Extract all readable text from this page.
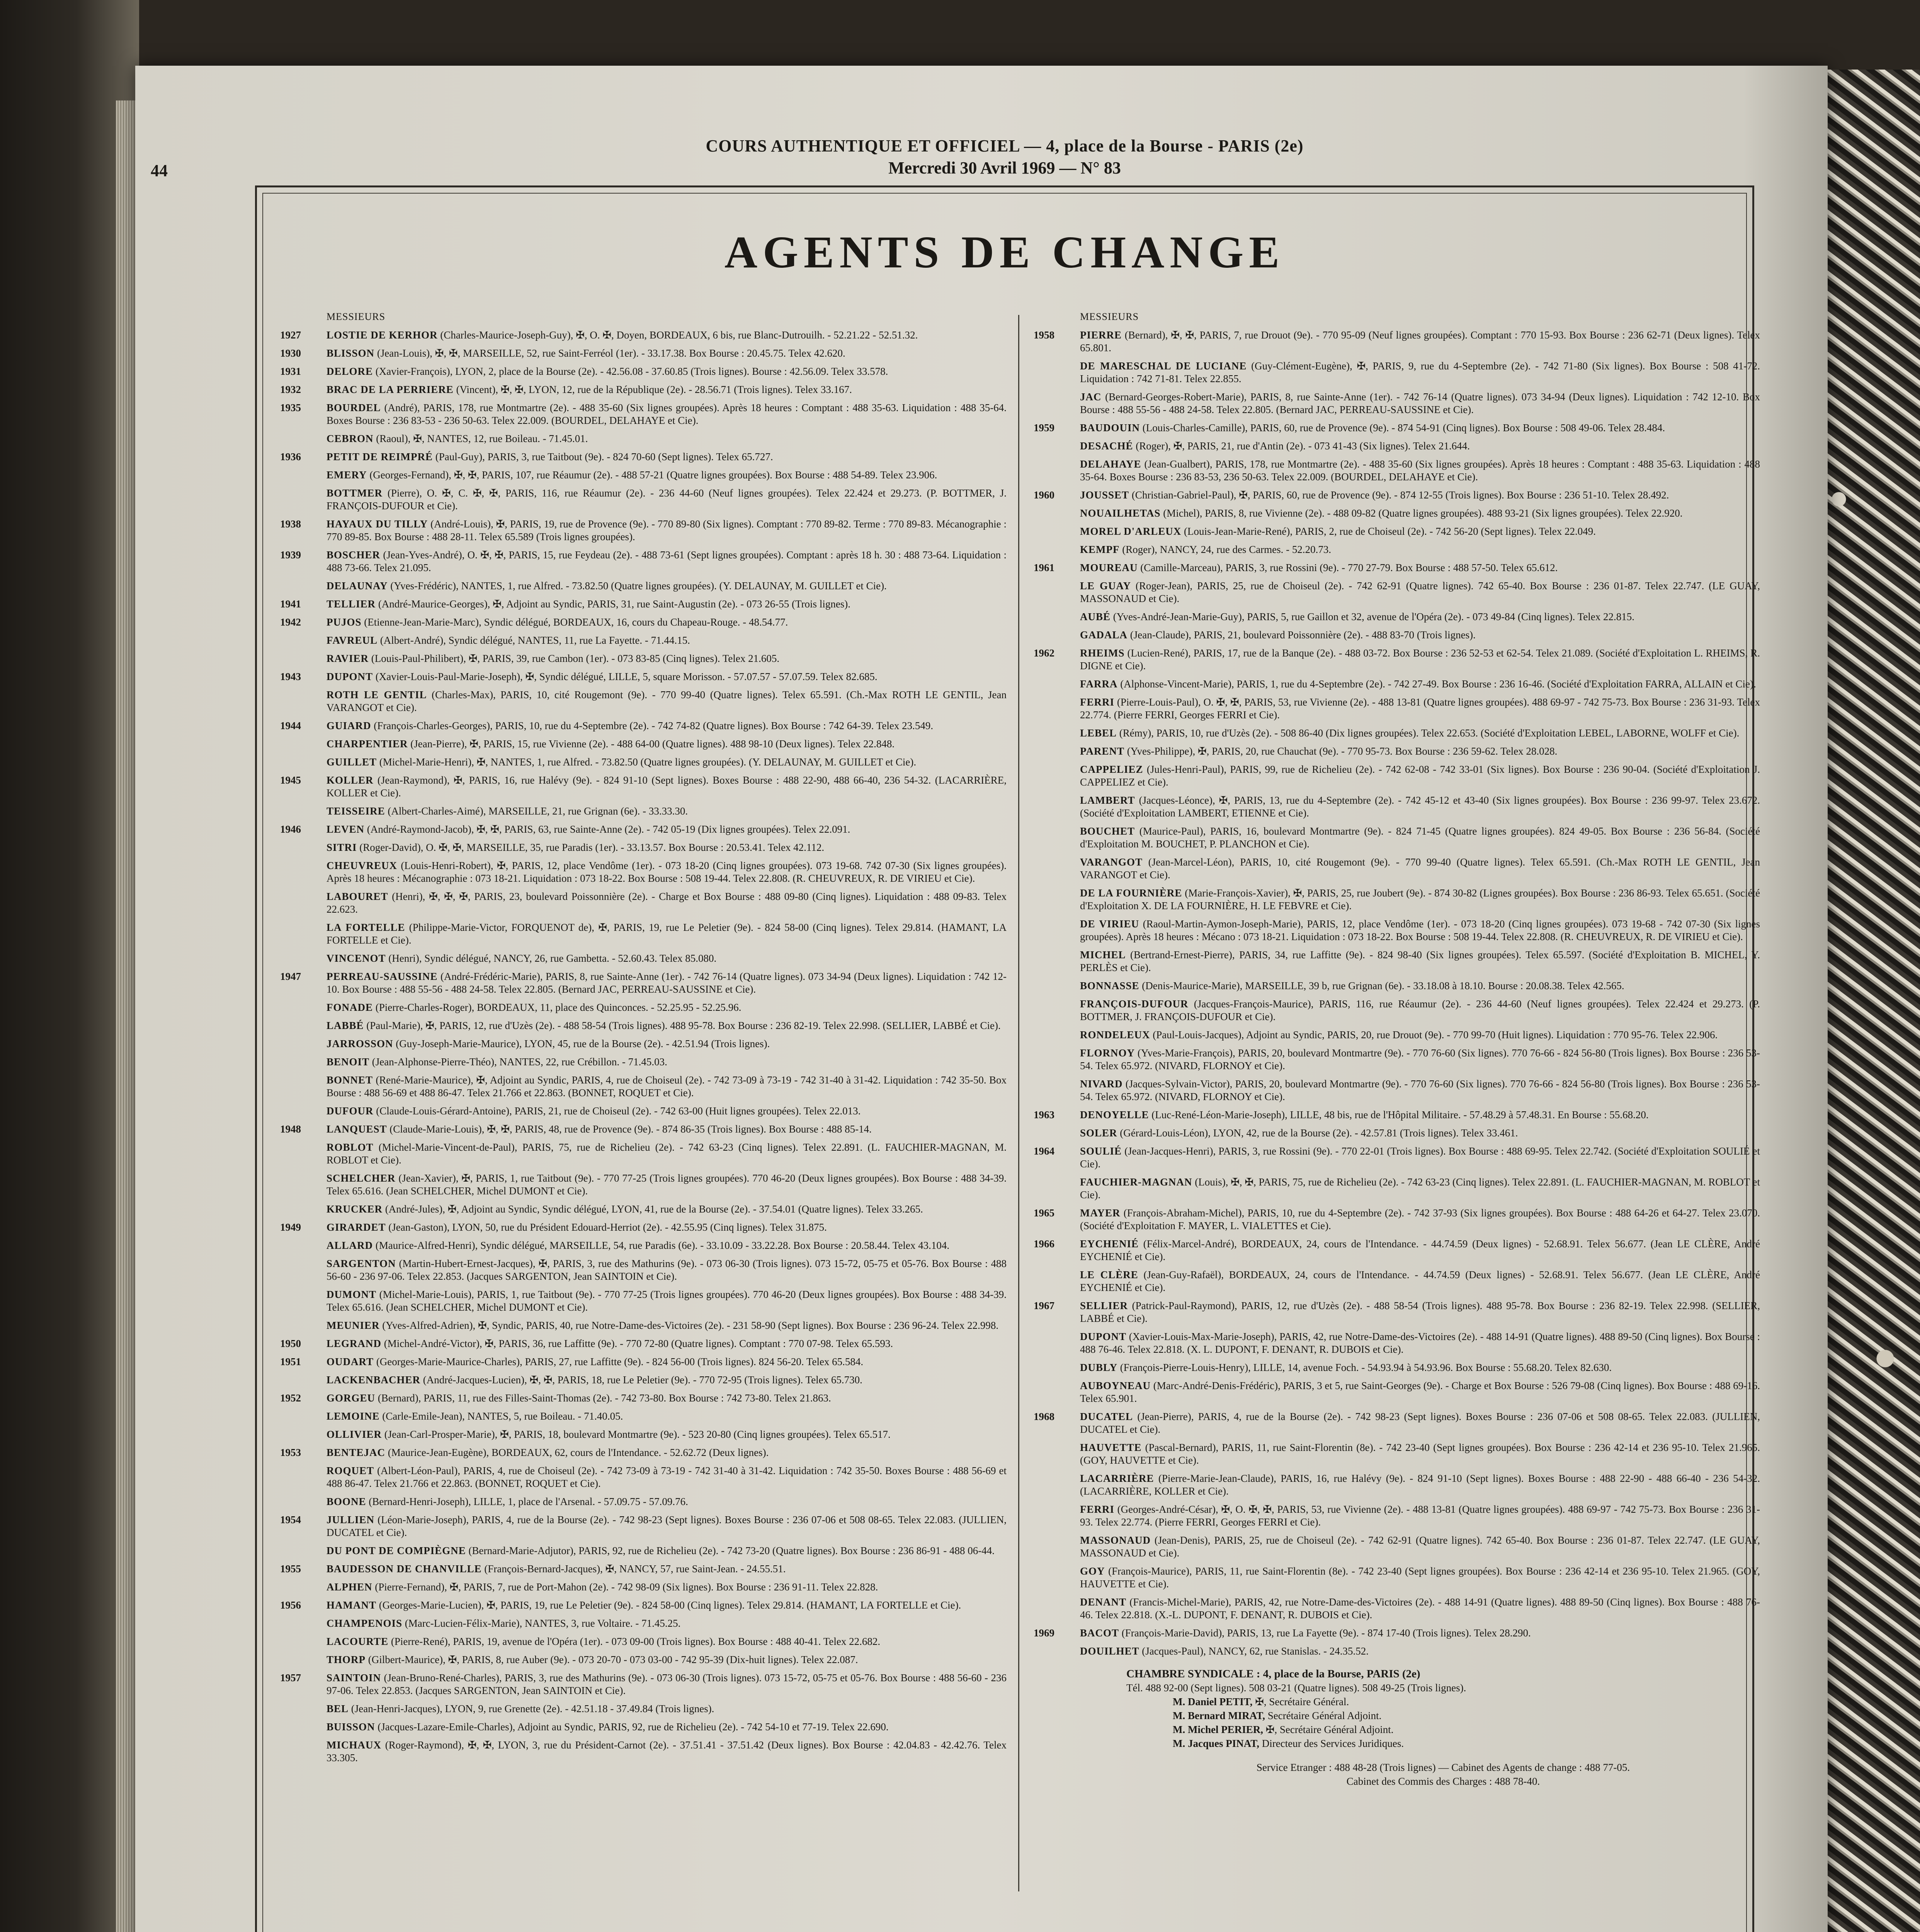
44
COURS AUTHENTIQUE ET OFFICIEL — 4, place de la Bourse - PARIS (2e)
Mercredi 30 Avril 1969 — N° 83
AGENTS DE CHANGE
MESSIEURS
1927 LOSTIE DE KERHOR (Charles-Maurice-Joseph-Guy), ✠, O. ✠, Doyen, BORDEAUX, 6 bis, rue Blanc-Dutrouilh. - 52.21.22 - 52.51.32.
1930 BLISSON (Jean-Louis), ✠, ✠, MARSEILLE, 52, rue Saint-Ferréol (1er). - 33.17.38. Box Bourse : 20.45.75. Telex 42.620.
1931 DELORE (Xavier-François), LYON, 2, place de la Bourse (2e). - 42.56.08 - 37.60.85 (Trois lignes). Bourse : 42.56.09. Telex 33.578.
1932 BRAC DE LA PERRIERE (Vincent), ✠, ✠, LYON, 12, rue de la République (2e). - 28.56.71 (Trois lignes). Telex 33.167.
1935 BOURDEL (André), PARIS, 178, rue Montmartre (2e). - 488 35-60 (Six lignes groupées). Après 18 heures : Comptant : 488 35-63. Liquidation : 488 35-64. Boxes Bourse : 236 83-53 - 236 50-63. Telex 22.009. (BOURDEL, DELAHAYE et Cie).
CEBRON (Raoul), ✠, NANTES, 12, rue Boileau. - 71.45.01.
1936 PETIT DE REIMPRÉ (Paul-Guy), PARIS, 3, rue Taitbout (9e). - 824 70-60 (Sept lignes). Telex 65.727.
EMERY (Georges-Fernand), ✠, ✠, PARIS, 107, rue Réaumur (2e). - 488 57-21 (Quatre lignes groupées). Box Bourse : 488 54-89. Telex 23.906.
BOTTMER (Pierre), O. ✠, C. ✠, ✠, PARIS, 116, rue Réaumur (2e). - 236 44-60 (Neuf lignes groupées). Telex 22.424 et 29.273. (P. BOTTMER, J. FRANÇOIS-DUFOUR et Cie).
1938 HAYAUX DU TILLY (André-Louis), ✠, PARIS, 19, rue de Provence (9e). - 770 89-80 (Six lignes). Comptant : 770 89-82. Terme : 770 89-83. Mécanographie : 770 89-85. Box Bourse : 488 28-11. Telex 65.589 (Trois lignes groupées).
1939 BOSCHER (Jean-Yves-André), O. ✠, ✠, PARIS, 15, rue Feydeau (2e). - 488 73-61 (Sept lignes groupées). Comptant : après 18 h. 30 : 488 73-64. Liquidation : 488 73-66. Telex 21.095.
DELAUNAY (Yves-Frédéric), NANTES, 1, rue Alfred. - 73.82.50 (Quatre lignes groupées). (Y. DELAUNAY, M. GUILLET et Cie).
1941 TELLIER (André-Maurice-Georges), ✠, Adjoint au Syndic, PARIS, 31, rue Saint-Augustin (2e). - 073 26-55 (Trois lignes).
1942 PUJOS (Etienne-Jean-Marie-Marc), Syndic délégué, BORDEAUX, 16, cours du Chapeau-Rouge. - 48.54.77.
FAVREUL (Albert-André), Syndic délégué, NANTES, 11, rue La Fayette. - 71.44.15.
RAVIER (Louis-Paul-Philibert), ✠, PARIS, 39, rue Cambon (1er). - 073 83-85 (Cinq lignes). Telex 21.605.
1943 DUPONT (Xavier-Louis-Paul-Marie-Joseph), ✠, Syndic délégué, LILLE, 5, square Morisson. - 57.07.57 - 57.07.59. Telex 82.685.
ROTH LE GENTIL (Charles-Max), PARIS, 10, cité Rougemont (9e). - 770 99-40 (Quatre lignes). Telex 65.591. (Ch.-Max ROTH LE GENTIL, Jean VARANGOT et Cie).
1944 GUIARD (François-Charles-Georges), PARIS, 10, rue du 4-Septembre (2e). - 742 74-82 (Quatre lignes). Box Bourse : 742 64-39. Telex 23.549.
CHARPENTIER (Jean-Pierre), ✠, PARIS, 15, rue Vivienne (2e). - 488 64-00 (Quatre lignes). 488 98-10 (Deux lignes). Telex 22.848.
GUILLET (Michel-Marie-Henri), ✠, NANTES, 1, rue Alfred. - 73.82.50 (Quatre lignes groupées). (Y. DELAUNAY, M. GUILLET et Cie).
1945 KOLLER (Jean-Raymond), ✠, PARIS, 16, rue Halévy (9e). - 824 91-10 (Sept lignes). Boxes Bourse : 488 22-90, 488 66-40, 236 54-32. (LACARRIÈRE, KOLLER et Cie).
TEISSEIRE (Albert-Charles-Aimé), MARSEILLE, 21, rue Grignan (6e). - 33.33.30.
1946 LEVEN (André-Raymond-Jacob), ✠, ✠, PARIS, 63, rue Sainte-Anne (2e). - 742 05-19 (Dix lignes groupées). Telex 22.091.
SITRI (Roger-David), O. ✠, ✠, MARSEILLE, 35, rue Paradis (1er). - 33.13.57. Box Bourse : 20.53.41. Telex 42.112.
CHEUVREUX (Louis-Henri-Robert), ✠, PARIS, 12, place Vendôme (1er). - 073 18-20 (Cinq lignes groupées). 073 19-68. 742 07-30 (Six lignes groupées). Après 18 heures : Mécanographie : 073 18-21. Liquidation : 073 18-22. Box Bourse : 508 19-44. Telex 22.808. (R. CHEUVREUX, R. DE VIRIEU et Cie).
LABOURET (Henri), ✠, ✠, ✠, PARIS, 23, boulevard Poissonnière (2e). - Charge et Box Bourse : 488 09-80 (Cinq lignes). Liquidation : 488 09-83. Telex 22.623.
LA FORTELLE (Philippe-Marie-Victor, FORQUENOT de), ✠, PARIS, 19, rue Le Peletier (9e). - 824 58-00 (Cinq lignes). Telex 29.814. (HAMANT, LA FORTELLE et Cie).
VINCENOT (Henri), Syndic délégué, NANCY, 26, rue Gambetta. - 52.60.43. Telex 85.080.
1947 PERREAU-SAUSSINE (André-Frédéric-Marie), PARIS, 8, rue Sainte-Anne (1er). - 742 76-14 (Quatre lignes). 073 34-94 (Deux lignes). Liquidation : 742 12-10. Box Bourse : 488 55-56 - 488 24-58. Telex 22.805. (Bernard JAC, PERREAU-SAUSSINE et Cie).
FONADE (Pierre-Charles-Roger), BORDEAUX, 11, place des Quinconces. - 52.25.95 - 52.25.96.
LABBÉ (Paul-Marie), ✠, PARIS, 12, rue d'Uzès (2e). - 488 58-54 (Trois lignes). 488 95-78. Box Bourse : 236 82-19. Telex 22.998. (SELLIER, LABBÉ et Cie).
JARROSSON (Guy-Joseph-Marie-Maurice), LYON, 45, rue de la Bourse (2e). - 42.51.94 (Trois lignes).
BENOIT (Jean-Alphonse-Pierre-Théo), NANTES, 22, rue Crébillon. - 71.45.03.
BONNET (René-Marie-Maurice), ✠, Adjoint au Syndic, PARIS, 4, rue de Choiseul (2e). - 742 73-09 à 73-19 - 742 31-40 à 31-42. Liquidation : 742 35-50. Box Bourse : 488 56-69 et 488 86-47. Telex 21.766 et 22.863. (BONNET, ROQUET et Cie).
DUFOUR (Claude-Louis-Gérard-Antoine), PARIS, 21, rue de Choiseul (2e). - 742 63-00 (Huit lignes groupées). Telex 22.013.
1948 LANQUEST (Claude-Marie-Louis), ✠, ✠, PARIS, 48, rue de Provence (9e). - 874 86-35 (Trois lignes). Box Bourse : 488 85-14.
ROBLOT (Michel-Marie-Vincent-de-Paul), PARIS, 75, rue de Richelieu (2e). - 742 63-23 (Cinq lignes). Telex 22.891. (L. FAUCHIER-MAGNAN, M. ROBLOT et Cie).
SCHELCHER (Jean-Xavier), ✠, PARIS, 1, rue Taitbout (9e). - 770 77-25 (Trois lignes groupées). 770 46-20 (Deux lignes groupées). Box Bourse : 488 34-39. Telex 65.616. (Jean SCHELCHER, Michel DUMONT et Cie).
KRUCKER (André-Jules), ✠, Adjoint au Syndic, Syndic délégué, LYON, 41, rue de la Bourse (2e). - 37.54.01 (Quatre lignes). Telex 33.265.
1949 GIRARDET (Jean-Gaston), LYON, 50, rue du Président Edouard-Herriot (2e). - 42.55.95 (Cinq lignes). Telex 31.875.
ALLARD (Maurice-Alfred-Henri), Syndic délégué, MARSEILLE, 54, rue Paradis (6e). - 33.10.09 - 33.22.28. Box Bourse : 20.58.44. Telex 43.104.
SARGENTON (Martin-Hubert-Ernest-Jacques), ✠, PARIS, 3, rue des Mathurins (9e). - 073 06-30 (Trois lignes). 073 15-72, 05-75 et 05-76. Box Bourse : 488 56-60 - 236 97-06. Telex 22.853. (Jacques SARGENTON, Jean SAINTOIN et Cie).
DUMONT (Michel-Marie-Louis), PARIS, 1, rue Taitbout (9e). - 770 77-25 (Trois lignes groupées). 770 46-20 (Deux lignes groupées). Box Bourse : 488 34-39. Telex 65.616. (Jean SCHELCHER, Michel DUMONT et Cie).
MEUNIER (Yves-Alfred-Adrien), ✠, Syndic, PARIS, 40, rue Notre-Dame-des-Victoires (2e). - 231 58-90 (Sept lignes). Box Bourse : 236 96-24. Telex 22.998.
1950 LEGRAND (Michel-André-Victor), ✠, PARIS, 36, rue Laffitte (9e). - 770 72-80 (Quatre lignes). Comptant : 770 07-98. Telex 65.593.
1951 OUDART (Georges-Marie-Maurice-Charles), PARIS, 27, rue Laffitte (9e). - 824 56-00 (Trois lignes). 824 56-20. Telex 65.584.
LACKENBACHER (André-Jacques-Lucien), ✠, ✠, PARIS, 18, rue Le Peletier (9e). - 770 72-95 (Trois lignes). Telex 65.730.
1952 GORGEU (Bernard), PARIS, 11, rue des Filles-Saint-Thomas (2e). - 742 73-80. Box Bourse : 742 73-80. Telex 21.863.
LEMOINE (Carle-Emile-Jean), NANTES, 5, rue Boileau. - 71.40.05.
OLLIVIER (Jean-Carl-Prosper-Marie), ✠, PARIS, 18, boulevard Montmartre (9e). - 523 20-80 (Cinq lignes groupées). Telex 65.517.
1953 BENTEJAC (Maurice-Jean-Eugène), BORDEAUX, 62, cours de l'Intendance. - 52.62.72 (Deux lignes).
ROQUET (Albert-Léon-Paul), PARIS, 4, rue de Choiseul (2e). - 742 73-09 à 73-19 - 742 31-40 à 31-42. Liquidation : 742 35-50. Boxes Bourse : 488 56-69 et 488 86-47. Telex 21.766 et 22.863. (BONNET, ROQUET et Cie).
BOONE (Bernard-Henri-Joseph), LILLE, 1, place de l'Arsenal. - 57.09.75 - 57.09.76.
1954 JULLIEN (Léon-Marie-Joseph), PARIS, 4, rue de la Bourse (2e). - 742 98-23 (Sept lignes). Boxes Bourse : 236 07-06 et 508 08-65. Telex 22.083. (JULLIEN, DUCATEL et Cie).
DU PONT DE COMPIÈGNE (Bernard-Marie-Adjutor), PARIS, 92, rue de Richelieu (2e). - 742 73-20 (Quatre lignes). Box Bourse : 236 86-91 - 488 06-44.
1955 BAUDESSON DE CHANVILLE (François-Bernard-Jacques), ✠, NANCY, 57, rue Saint-Jean. - 24.55.51.
ALPHEN (Pierre-Fernand), ✠, PARIS, 7, rue de Port-Mahon (2e). - 742 98-09 (Six lignes). Box Bourse : 236 91-11. Telex 22.828.
1956 HAMANT (Georges-Marie-Lucien), ✠, PARIS, 19, rue Le Peletier (9e). - 824 58-00 (Cinq lignes). Telex 29.814. (HAMANT, LA FORTELLE et Cie).
CHAMPENOIS (Marc-Lucien-Félix-Marie), NANTES, 3, rue Voltaire. - 71.45.25.
LACOURTE (Pierre-René), PARIS, 19, avenue de l'Opéra (1er). - 073 09-00 (Trois lignes). Box Bourse : 488 40-41. Telex 22.682.
THORP (Gilbert-Maurice), ✠, PARIS, 8, rue Auber (9e). - 073 20-70 - 073 03-00 - 742 95-39 (Dix-huit lignes). Telex 22.087.
1957 SAINTOIN (Jean-Bruno-René-Charles), PARIS, 3, rue des Mathurins (9e). - 073 06-30 (Trois lignes). 073 15-72, 05-75 et 05-76. Box Bourse : 488 56-60 - 236 97-06. Telex 22.853. (Jacques SARGENTON, Jean SAINTOIN et Cie).
BEL (Jean-Henri-Jacques), LYON, 9, rue Grenette (2e). - 42.51.18 - 37.49.84 (Trois lignes).
BUISSON (Jacques-Lazare-Emile-Charles), Adjoint au Syndic, PARIS, 92, rue de Richelieu (2e). - 742 54-10 et 77-19. Telex 22.690.
MICHAUX (Roger-Raymond), ✠, ✠, LYON, 3, rue du Président-Carnot (2e). - 37.51.41 - 37.51.42 (Deux lignes). Box Bourse : 42.04.83 - 42.42.76. Telex 33.305.
MESSIEURS
1958 PIERRE (Bernard), ✠, ✠, PARIS, 7, rue Drouot (9e). - 770 95-09 (Neuf lignes groupées). Comptant : 770 15-93. Box Bourse : 236 62-71 (Deux lignes). Telex 65.801.
DE MARESCHAL DE LUCIANE (Guy-Clément-Eugène), ✠, PARIS, 9, rue du 4-Septembre (2e). - 742 71-80 (Six lignes). Box Bourse : 508 41-72. Liquidation : 742 71-81. Telex 22.855.
JAC (Bernard-Georges-Robert-Marie), PARIS, 8, rue Sainte-Anne (1er). - 742 76-14 (Quatre lignes). 073 34-94 (Deux lignes). Liquidation : 742 12-10. Box Bourse : 488 55-56 - 488 24-58. Telex 22.805. (Bernard JAC, PERREAU-SAUSSINE et Cie).
1959 BAUDOUIN (Louis-Charles-Camille), PARIS, 60, rue de Provence (9e). - 874 54-91 (Cinq lignes). Box Bourse : 508 49-06. Telex 28.484.
DESACHÉ (Roger), ✠, PARIS, 21, rue d'Antin (2e). - 073 41-43 (Six lignes). Telex 21.644.
DELAHAYE (Jean-Gualbert), PARIS, 178, rue Montmartre (2e). - 488 35-60 (Six lignes groupées). Après 18 heures : Comptant : 488 35-63. Liquidation : 488 35-64. Boxes Bourse : 236 83-53, 236 50-63. Telex 22.009. (BOURDEL, DELAHAYE et Cie).
1960 JOUSSET (Christian-Gabriel-Paul), ✠, PARIS, 60, rue de Provence (9e). - 874 12-55 (Trois lignes). Box Bourse : 236 51-10. Telex 28.492.
NOUAILHETAS (Michel), PARIS, 8, rue Vivienne (2e). - 488 09-82 (Quatre lignes groupées). 488 93-21 (Six lignes groupées). Telex 22.920.
MOREL D'ARLEUX (Louis-Jean-Marie-René), PARIS, 2, rue de Choiseul (2e). - 742 56-20 (Sept lignes). Telex 22.049.
KEMPF (Roger), NANCY, 24, rue des Carmes. - 52.20.73.
1961 MOUREAU (Camille-Marceau), PARIS, 3, rue Rossini (9e). - 770 27-79. Box Bourse : 488 57-50. Telex 65.612.
LE GUAY (Roger-Jean), PARIS, 25, rue de Choiseul (2e). - 742 62-91 (Quatre lignes). 742 65-40. Box Bourse : 236 01-87. Telex 22.747. (LE GUAY, MASSONAUD et Cie).
AUBÉ (Yves-André-Jean-Marie-Guy), PARIS, 5, rue Gaillon et 32, avenue de l'Opéra (2e). - 073 49-84 (Cinq lignes). Telex 22.815.
GADALA (Jean-Claude), PARIS, 21, boulevard Poissonnière (2e). - 488 83-70 (Trois lignes).
1962 RHEIMS (Lucien-René), PARIS, 17, rue de la Banque (2e). - 488 03-72. Box Bourse : 236 52-53 et 62-54. Telex 21.089. (Société d'Exploitation L. RHEIMS, R. DIGNE et Cie).
FARRA (Alphonse-Vincent-Marie), PARIS, 1, rue du 4-Septembre (2e). - 742 27-49. Box Bourse : 236 16-46. (Société d'Exploitation FARRA, ALLAIN et Cie).
FERRI (Pierre-Louis-Paul), O. ✠, ✠, PARIS, 53, rue Vivienne (2e). - 488 13-81 (Quatre lignes groupées). 488 69-97 - 742 75-73. Box Bourse : 236 31-93. Telex 22.774. (Pierre FERRI, Georges FERRI et Cie).
LEBEL (Rémy), PARIS, 10, rue d'Uzès (2e). - 508 86-40 (Dix lignes groupées). Telex 22.653. (Société d'Exploitation LEBEL, LABORNE, WOLFF et Cie).
PARENT (Yves-Philippe), ✠, PARIS, 20, rue Chauchat (9e). - 770 95-73. Box Bourse : 236 59-62. Telex 28.028.
CAPPELIEZ (Jules-Henri-Paul), PARIS, 99, rue de Richelieu (2e). - 742 62-08 - 742 33-01 (Six lignes). Box Bourse : 236 90-04. (Société d'Exploitation J. CAPPELIEZ et Cie).
LAMBERT (Jacques-Léonce), ✠, PARIS, 13, rue du 4-Septembre (2e). - 742 45-12 et 43-40 (Six lignes groupées). Box Bourse : 236 99-97. Telex 23.672. (Société d'Exploitation LAMBERT, ETIENNE et Cie).
BOUCHET (Maurice-Paul), PARIS, 16, boulevard Montmartre (9e). - 824 71-45 (Quatre lignes groupées). 824 49-05. Box Bourse : 236 56-84. (Société d'Exploitation M. BOUCHET, P. PLANCHON et Cie).
VARANGOT (Jean-Marcel-Léon), PARIS, 10, cité Rougemont (9e). - 770 99-40 (Quatre lignes). Telex 65.591. (Ch.-Max ROTH LE GENTIL, Jean VARANGOT et Cie).
DE LA FOURNIÈRE (Marie-François-Xavier), ✠, PARIS, 25, rue Joubert (9e). - 874 30-82 (Lignes groupées). Box Bourse : 236 86-93. Telex 65.651. (Société d'Exploitation X. DE LA FOURNIÈRE, H. LE FEBVRE et Cie).
DE VIRIEU (Raoul-Martin-Aymon-Joseph-Marie), PARIS, 12, place Vendôme (1er). - 073 18-20 (Cinq lignes groupées). 073 19-68 - 742 07-30 (Six lignes groupées). Après 18 heures : Mécano : 073 18-21. Liquidation : 073 18-22. Box Bourse : 508 19-44. Telex 22.808. (R. CHEUVREUX, R. DE VIRIEU et Cie).
MICHEL (Bertrand-Ernest-Pierre), PARIS, 34, rue Laffitte (9e). - 824 98-40 (Six lignes groupées). Telex 65.597. (Société d'Exploitation B. MICHEL, Y. PERLÈS et Cie).
BONNASSE (Denis-Maurice-Marie), MARSEILLE, 39 b, rue Grignan (6e). - 33.18.08 à 18.10. Bourse : 20.08.38. Telex 42.565.
FRANÇOIS-DUFOUR (Jacques-François-Maurice), PARIS, 116, rue Réaumur (2e). - 236 44-60 (Neuf lignes groupées). Telex 22.424 et 29.273. (P. BOTTMER, J. FRANÇOIS-DUFOUR et Cie).
RONDELEUX (Paul-Louis-Jacques), Adjoint au Syndic, PARIS, 20, rue Drouot (9e). - 770 99-70 (Huit lignes). Liquidation : 770 95-76. Telex 22.906.
FLORNOY (Yves-Marie-François), PARIS, 20, boulevard Montmartre (9e). - 770 76-60 (Six lignes). 770 76-66 - 824 56-80 (Trois lignes). Box Bourse : 236 53-54. Telex 65.972. (NIVARD, FLORNOY et Cie).
NIVARD (Jacques-Sylvain-Victor), PARIS, 20, boulevard Montmartre (9e). - 770 76-60 (Six lignes). 770 76-66 - 824 56-80 (Trois lignes). Box Bourse : 236 53-54. Telex 65.972. (NIVARD, FLORNOY et Cie).
1963 DENOYELLE (Luc-René-Léon-Marie-Joseph), LILLE, 48 bis, rue de l'Hôpital Militaire. - 57.48.29 à 57.48.31. En Bourse : 55.68.20.
SOLER (Gérard-Louis-Léon), LYON, 42, rue de la Bourse (2e). - 42.57.81 (Trois lignes). Telex 33.461.
1964 SOULIÉ (Jean-Jacques-Henri), PARIS, 3, rue Rossini (9e). - 770 22-01 (Trois lignes). Box Bourse : 488 69-95. Telex 22.742. (Société d'Exploitation SOULIÉ et Cie).
FAUCHIER-MAGNAN (Louis), ✠, ✠, PARIS, 75, rue de Richelieu (2e). - 742 63-23 (Cinq lignes). Telex 22.891. (L. FAUCHIER-MAGNAN, M. ROBLOT et Cie).
1965 MAYER (François-Abraham-Michel), PARIS, 10, rue du 4-Septembre (2e). - 742 37-93 (Six lignes groupées). Box Bourse : 488 64-26 et 64-27. Telex 23.070. (Société d'Exploitation F. MAYER, L. VIALETTES et Cie).
1966 EYCHENIÉ (Félix-Marcel-André), BORDEAUX, 24, cours de l'Intendance. - 44.74.59 (Deux lignes) - 52.68.91. Telex 56.677. (Jean LE CLÈRE, André EYCHENIÉ et Cie).
LE CLÈRE (Jean-Guy-Rafaël), BORDEAUX, 24, cours de l'Intendance. - 44.74.59 (Deux lignes) - 52.68.91. Telex 56.677. (Jean LE CLÈRE, André EYCHENIÉ et Cie).
1967 SELLIER (Patrick-Paul-Raymond), PARIS, 12, rue d'Uzès (2e). - 488 58-54 (Trois lignes). 488 95-78. Box Bourse : 236 82-19. Telex 22.998. (SELLIER, LABBÉ et Cie).
DUPONT (Xavier-Louis-Max-Marie-Joseph), PARIS, 42, rue Notre-Dame-des-Victoires (2e). - 488 14-91 (Quatre lignes). 488 89-50 (Cinq lignes). Box Bourse : 488 76-46. Telex 22.818. (X. L. DUPONT, F. DENANT, R. DUBOIS et Cie).
DUBLY (François-Pierre-Louis-Henry), LILLE, 14, avenue Foch. - 54.93.94 à 54.93.96. Box Bourse : 55.68.20. Telex 82.630.
AUBOYNEAU (Marc-André-Denis-Frédéric), PARIS, 3 et 5, rue Saint-Georges (9e). - Charge et Box Bourse : 526 79-08 (Cinq lignes). Box Bourse : 488 69-16. Telex 65.901.
1968 DUCATEL (Jean-Pierre), PARIS, 4, rue de la Bourse (2e). - 742 98-23 (Sept lignes). Boxes Bourse : 236 07-06 et 508 08-65. Telex 22.083. (JULLIEN, DUCATEL et Cie).
HAUVETTE (Pascal-Bernard), PARIS, 11, rue Saint-Florentin (8e). - 742 23-40 (Sept lignes groupées). Box Bourse : 236 42-14 et 236 95-10. Telex 21.965. (GOY, HAUVETTE et Cie).
LACARRIÈRE (Pierre-Marie-Jean-Claude), PARIS, 16, rue Halévy (9e). - 824 91-10 (Sept lignes). Boxes Bourse : 488 22-90 - 488 66-40 - 236 54-32. (LACARRIÈRE, KOLLER et Cie).
FERRI (Georges-André-César), ✠, O. ✠, ✠, PARIS, 53, rue Vivienne (2e). - 488 13-81 (Quatre lignes groupées). 488 69-97 - 742 75-73. Box Bourse : 236 31-93. Telex 22.774. (Pierre FERRI, Georges FERRI et Cie).
MASSONAUD (Jean-Denis), PARIS, 25, rue de Choiseul (2e). - 742 62-91 (Quatre lignes). 742 65-40. Box Bourse : 236 01-87. Telex 22.747. (LE GUAY, MASSONAUD et Cie).
GOY (François-Maurice), PARIS, 11, rue Saint-Florentin (8e). - 742 23-40 (Sept lignes groupées). Box Bourse : 236 42-14 et 236 95-10. Telex 21.965. (GOY, HAUVETTE et Cie).
DENANT (Francis-Michel-Marie), PARIS, 42, rue Notre-Dame-des-Victoires (2e). - 488 14-91 (Quatre lignes). 488 89-50 (Cinq lignes). Box Bourse : 488 76-46. Telex 22.818. (X.-L. DUPONT, F. DENANT, R. DUBOIS et Cie).
1969 BACOT (François-Marie-David), PARIS, 13, rue La Fayette (9e). - 874 17-40 (Trois lignes). Telex 28.290.
DOUILHET (Jacques-Paul), NANCY, 62, rue Stanislas. - 24.35.52.
CHAMBRE SYNDICALE : 4, place de la Bourse, PARIS (2e)
Tél. 488 92-00 (Sept lignes). 508 03-21 (Quatre lignes). 508 49-25 (Trois lignes).
M. Daniel PETIT, ✠, Secrétaire Général.
M. Bernard MIRAT, Secrétaire Général Adjoint.
M. Michel PERIER, ✠, Secrétaire Général Adjoint.
M. Jacques PINAT, Directeur des Services Juridiques.
Service Etranger : 488 48-28 (Trois lignes) — Cabinet des Agents de change : 488 77-05.
Cabinet des Commis des Charges : 488 78-40.
